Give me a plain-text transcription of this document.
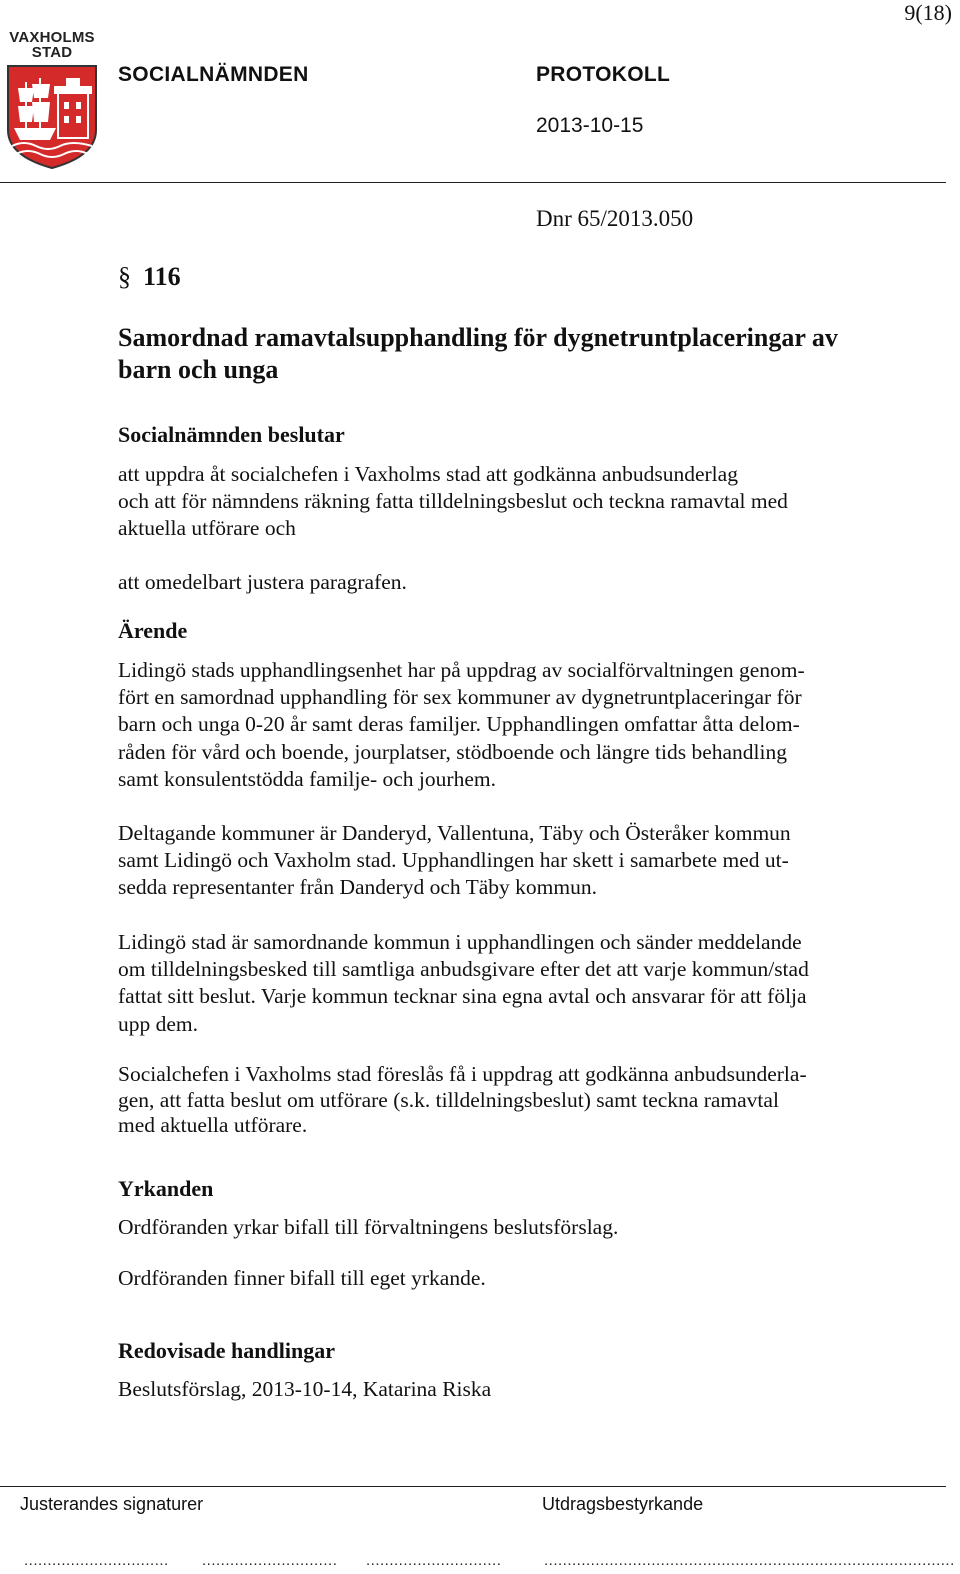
9(18)
VAXHOLMS
STAD
SOCIALNÄMNDEN	PROTOKOLL
2013-10-15
Dnr 65/2013.050
§ 116
Samordnad ramavtalsupphandling för dygnetruntplaceringar av
barn och unga
Socialnämnden beslutar
att uppdra åt socialchefen i Vaxholms stad att godkänna anbudsunderlag
och att för nämndens räkning fatta tilldelningsbeslut och teckna ramavtal med
aktuella utförare och
att omedelbart justera paragrafen.
Ärende
Lidingö stads upphandlingsenhet har på uppdrag av socialförvaltningen genom-
fört en samordnad upphandling för sex kommuner av dygnetruntplaceringar för
barn och unga 0-20 år samt deras familjer. Upphandlingen omfattar åtta delom-
råden för vård och boende, jourplatser, stödboende och längre tids behandling
samt konsulentstödda familje- och jourhem.
Deltagande kommuner är Danderyd, Vallentuna, Täby och Österåker kommun
samt Lidingö och Vaxholm stad. Upphandlingen har skett i samarbete med ut-
sedda representanter från Danderyd och Täby kommun.
Lidingö stad är samordnande kommun i upphandlingen och sänder meddelande
om tilldelningsbesked till samtliga anbudsgivare efter det att varje kommun/stad
fattat sitt beslut. Varje kommun tecknar sina egna avtal och ansvarar för att följa
upp dem.
Socialchefen i Vaxholms stad föreslås få i uppdrag att godkänna anbudsunderla-
gen, att fatta beslut om utförare (s.k. tilldelningsbeslut) samt teckna ramavtal
med aktuella utförare.
Yrkanden
Ordföranden yrkar bifall till förvaltningens beslutsförslag.
Ordföranden finner bifall till eget yrkande.
Redovisade handlingar
Beslutsförslag, 2013-10-14, Katarina Riska
Justerandes signaturer	Utdragsbestyrkande
............................... ............................. .............................	........................................................................................
